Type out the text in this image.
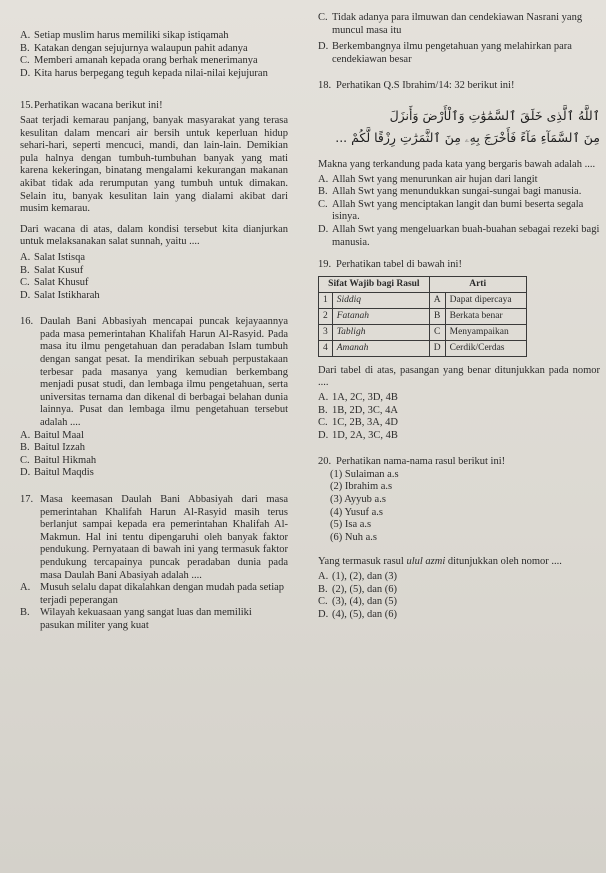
A. Setiap muslim harus memiliki sikap istiqamah
B. Katakan dengan sejujurnya walaupun pahit adanya
C. Memberi amanah kepada orang berhak menerimanya
D. Kita harus berpegang teguh kepada nilai-nilai kejujuran
15.Perhatikan wacana berikut ini!
Saat terjadi kemarau panjang, banyak masyarakat yang terasa kesulitan dalam mencari air bersih untuk keperluan hidup sehari-hari, seperti mencuci, mandi, dan lain-lain. Demikian pula halnya dengan tumbuh-tumbuhan banyak yang mati karena kekeringan, binatang mengalami kekurangan makanan akibat tidak ada rerumputan yang tumbuh untuk dimakan. Selain itu, banyak kesulitan lain yang dialami akibat dari musim kemarau.
Dari wacana di atas, dalam kondisi tersebut kita dianjurkan untuk melaksanakan salat sunnah, yaitu ....
A. Salat Istisqa
B. Salat Kusuf
C. Salat Khusuf
D. Salat Istikharah
16. Daulah Bani Abbasiyah mencapai puncak kejayaannya pada masa pemerintahan Khalifah Harun Al-Rasyid. Pada masa itu ilmu pengetahuan dan peradaban Islam tumbuh dengan sangat pesat. Ia mendirikan sebuah perpustakaan terbesar pada masanya yang kemudian berkembang menjadi pusat studi, dan lembaga ilmu pengetahuan, serta universitas ternama dan dikenal di berbagai belahan dunia lainnya. Pusat dan lembaga ilmu pengetahuan tersebut adalah ....
A. Baitul Maal
B. Baitul Izzah
C. Baitul Hikmah
D. Baitul Maqdis
17. Masa keemasan Daulah Bani Abbasiyah dari masa pemerintahan Khalifah Harun Al-Rasyid masih terus berlanjut sampai kepada era pemerintahan Khalifah Al-Makmun. Hal ini tentu dipengaruhi oleh banyak faktor pendukung. Pernyataan di bawah ini yang termasuk faktor pendukung tercapainya puncak peradaban dunia pada masa Daulah Bani Abasiyah adalah ....
A. Musuh selalu dapat dikalahkan dengan mudah pada setiap terjadi peperangan
B. Wilayah kekuasaan yang sangat luas dan memiliki pasukan militer yang kuat
C. Tidak adanya para ilmuwan dan cendekiawan Nasrani yang muncul masa itu
D. Berkembangnya ilmu pengetahuan yang melahirkan para cendekiawan besar
18. Perhatikan Q.S Ibrahim/14: 32 berikut ini!
ٱللَّهُ ٱلَّذِى خَلَقَ ٱلسَّمَٰوَٰتِ وَٱلْأَرْضَ وَأَنزَلَ
مِنَ ٱلسَّمَآءِ مَآءً فَأَخْرَجَ بِهِۦ مِنَ ٱلثَّمَرَٰتِ رِزْقًا لَّكُمْ ...
Makna yang terkandung pada kata yang bergaris bawah adalah ....
A. Allah Swt yang menurunkan air hujan dari langit
B. Allah Swt yang menundukkan sungai-sungai bagi manusia.
C. Allah Swt yang menciptakan langit dan bumi beserta segala isinya.
D. Allah Swt yang mengeluarkan buah-buahan sebagai rezeki bagi manusia.
19. Perhatikan tabel di bawah ini!
Sifat Wajib bagi Rasul		Arti	
1	Siddiq	A	Dapat dipercaya
2	Fatanah	B	Berkata benar
3	Tabligh	C	Menyampaikan
4	Amanah	D	Cerdik/Cerdas
Dari tabel di atas, pasangan yang benar ditunjukkan pada nomor ....
A. 1A, 2C, 3D, 4B
B. 1B, 2D, 3C, 4A
C. 1C, 2B, 3A, 4D
D. 1D, 2A, 3C, 4B
20. Perhatikan nama-nama rasul berikut ini!
(1) Sulaiman a.s
(2) Ibrahim a.s
(3) Ayyub a.s
(4) Yusuf a.s
(5) Isa a.s
(6) Nuh a.s
Yang termasuk rasul ulul azmi ditunjukkan oleh nomor ....
A. (1), (2), dan (3)
B. (2), (5), dan (6)
C. (3), (4), dan (5)
D. (4), (5), dan (6)
